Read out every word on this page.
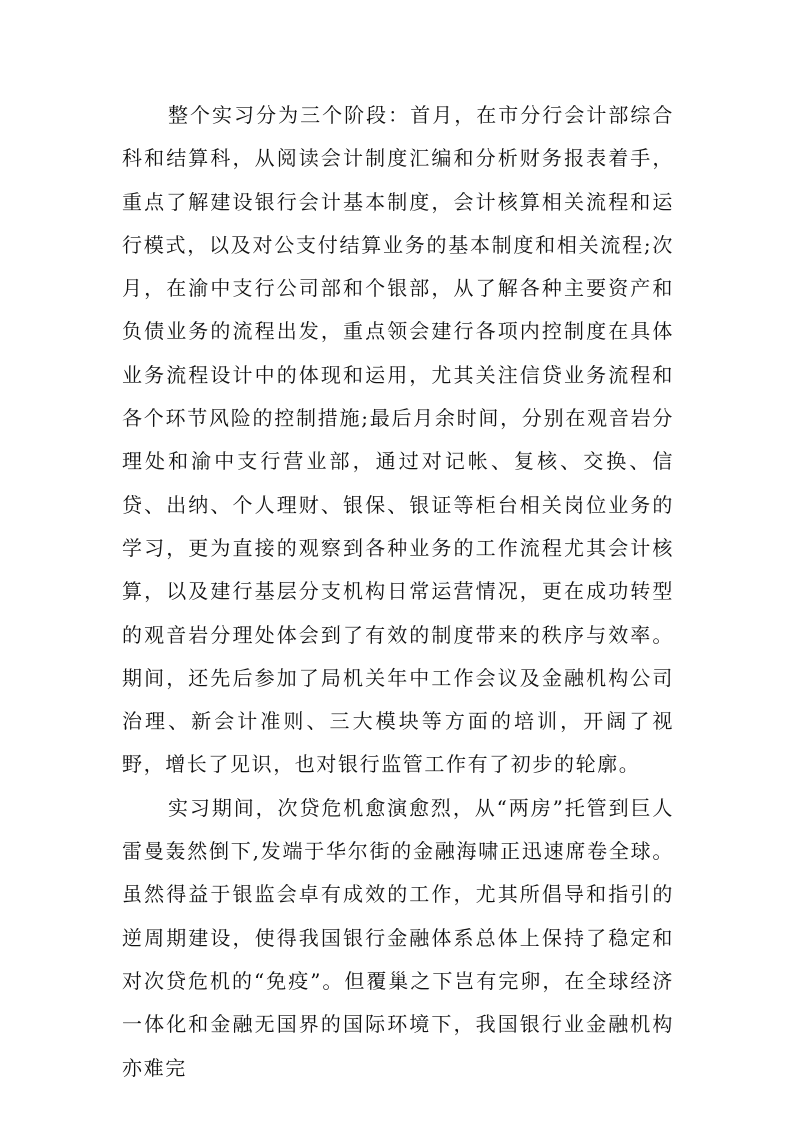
整个实习分为三个阶段：首月，在市分行会计部综合科和结算科，从阅读会计制度汇编和分析财务报表着手，重点了解建设银行会计基本制度，会计核算相关流程和运行模式，以及对公支付结算业务的基本制度和相关流程;次月，在渝中支行公司部和个银部，从了解各种主要资产和负债业务的流程出发，重点领会建行各项内控制度在具体业务流程设计中的体现和运用，尤其关注信贷业务流程和各个环节风险的控制措施;最后月余时间，分别在观音岩分理处和渝中支行营业部，通过对记帐、复核、交换、信贷、出纳、个人理财、银保、银证等柜台相关岗位业务的学习，更为直接的观察到各种业务的工作流程尤其会计核算，以及建行基层分支机构日常运营情况，更在成功转型的观音岩分理处体会到了有效的制度带来的秩序与效率。期间，还先后参加了局机关年中工作会议及金融机构公司治理、新会计准则、三大模块等方面的培训，开阔了视野，增长了见识，也对银行监管工作有了初步的轮廓。

实习期间，次贷危机愈演愈烈，从“两房”托管到巨人雷曼轰然倒下,发端于华尔街的金融海啸正迅速席卷全球。虽然得益于银监会卓有成效的工作，尤其所倡导和指引的逆周期建设，使得我国银行金融体系总体上保持了稳定和对次贷危机的“免疫”。但覆巢之下岂有完卵，在全球经济一体化和金融无国界的国际环境下，我国银行业金融机构亦难完
